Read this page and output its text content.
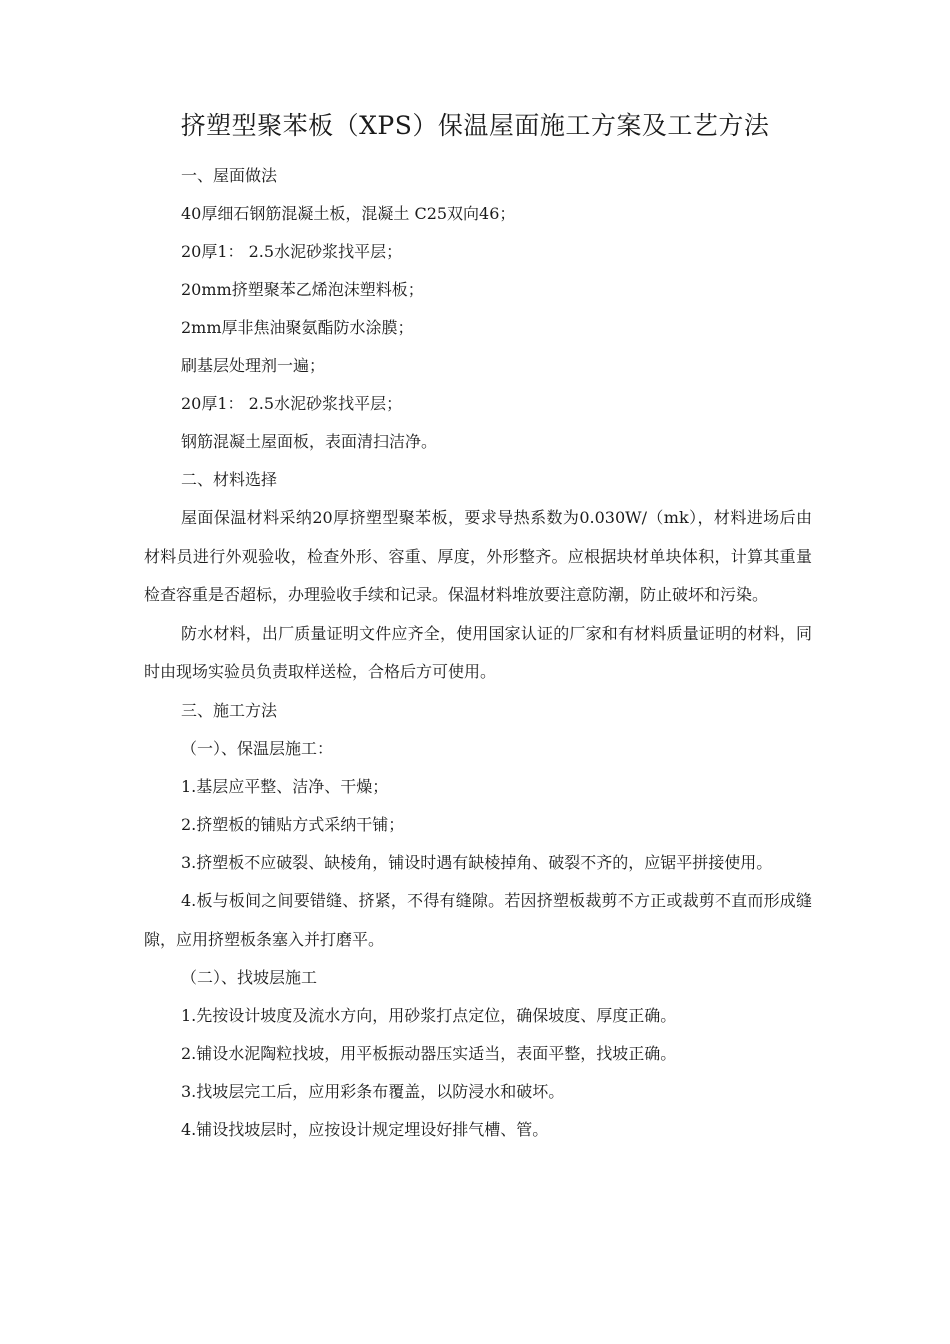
挤塑型聚苯板（XPS）保温屋面施工方案及工艺方法
一、屋面做法
40厚细石钢筋混凝土板，混凝土 C25双向46；
20厚1： 2.5水泥砂浆找平层；
20mm挤塑聚苯乙烯泡沫塑料板；
2mm厚非焦油聚氨酯防水涂膜；
刷基层处理剂一遍；
20厚1： 2.5水泥砂浆找平层；
钢筋混凝土屋面板，表面清扫洁净。
二、材料选择
屋面保温材料采纳20厚挤塑型聚苯板，要求导热系数为0.030W/（mk），材料进场后由材料员进行外观验收，检查外形、容重、厚度，外形整齐。应根据块材单块体积，计算其重量检查容重是否超标，办理验收手续和记录。保温材料堆放要注意防潮，防止破坏和污染。
防水材料，出厂质量证明文件应齐全，使用国家认证的厂家和有材料质量证明的材料，同时由现场实验员负责取样送检，合格后方可使用。
三、施工方法
（一）、保温层施工：
1.基层应平整、洁净、干燥；
2.挤塑板的铺贴方式采纳干铺；
3.挤塑板不应破裂、缺棱角，铺设时遇有缺棱掉角、破裂不齐的，应锯平拼接使用。
4.板与板间之间要错缝、挤紧，不得有缝隙。若因挤塑板裁剪不方正或裁剪不直而形成缝隙，应用挤塑板条塞入并打磨平。
（二）、找坡层施工
1.先按设计坡度及流水方向，用砂浆打点定位，确保坡度、厚度正确。
2.铺设水泥陶粒找坡，用平板振动器压实适当，表面平整，找坡正确。
3.找坡层完工后，应用彩条布覆盖，以防浸水和破坏。
4.铺设找坡层时，应按设计规定埋设好排气槽、管。
